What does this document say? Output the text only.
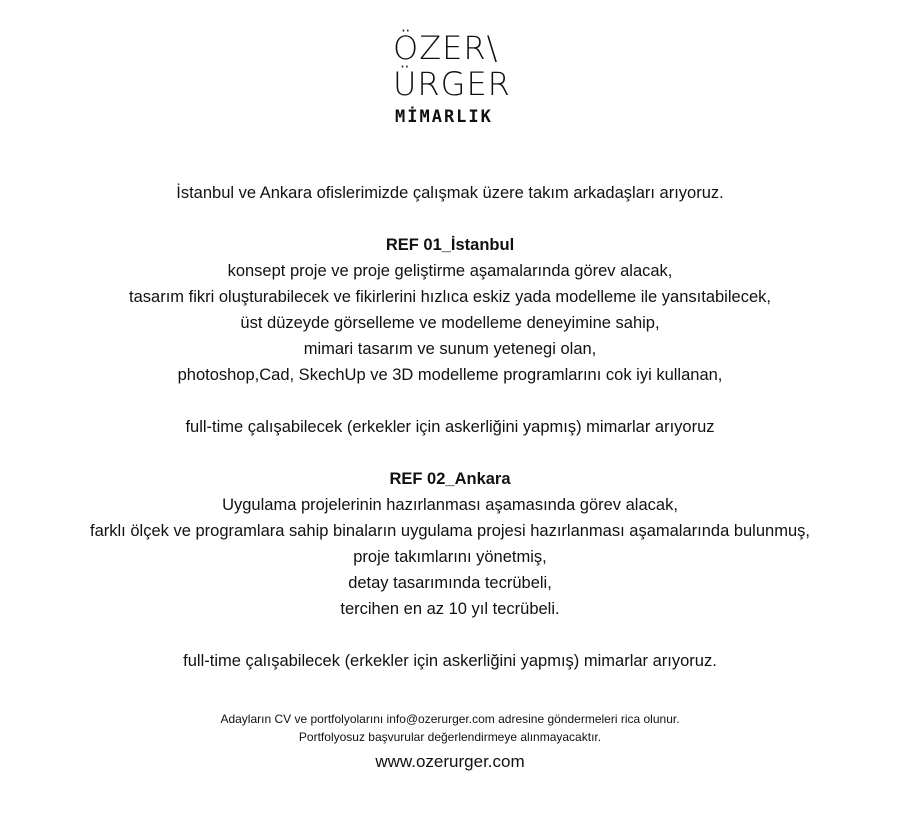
ÖZER\
ÜRGER
MİMARLIK
İstanbul ve Ankara ofislerimizde çalışmak üzere takım arkadaşları arıyoruz.
REF 01_İstanbul
konsept proje ve proje geliştirme aşamalarında görev alacak,
tasarım fikri oluşturabilecek ve fikirlerini hızlıca eskiz yada modelleme ile yansıtabilecek,
üst düzeyde görselleme ve modelleme deneyimine sahip,
mimari tasarım ve sunum yetenegi olan,
photoshop,Cad, SkechUp ve 3D modelleme programlarını cok iyi kullanan,
full-time çalışabilecek (erkekler için askerliğini yapmış) mimarlar arıyoruz
REF 02_Ankara
Uygulama projelerinin hazırlanması aşamasında görev alacak,
farklı ölçek ve programlara sahip binaların uygulama projesi hazırlanması aşamalarında bulunmuş,
proje takımlarını yönetmiş,
detay tasarımında tecrübeli,
tercihen en az 10 yıl tecrübeli.
full-time çalışabilecek (erkekler için askerliğini yapmış) mimarlar arıyoruz.
Adayların CV ve portfolyolarını info@ozerurger.com adresine göndermeleri rica olunur.
Portfolyosuz başvurular değerlendirmeye alınmayacaktır.
www.ozerurger.com
